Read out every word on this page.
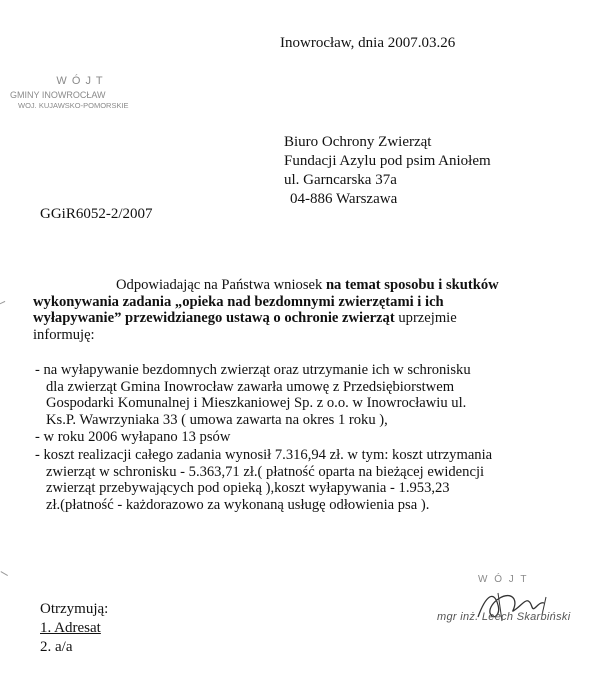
Inowrocław, dnia 2007.03.26
W Ó J T
GMINY INOWROCŁAW
WOJ. KUJAWSKO-POMORSKIE
Biuro Ochrony Zwierząt
Fundacji Azylu pod psim Aniołem
ul. Garncarska 37a
04-886 Warszawa
GGiR6052-2/2007
Odpowiadając na Państwa wniosek na temat sposobu i skutków
wykonywania zadania „opieka nad bezdomnymi zwierzętami i ich
wyłapywanie” przewidzianego ustawą o ochronie zwierząt uprzejmie
informuję:
- na wyłapywanie bezdomnych zwierząt oraz utrzymanie ich w schronisku
dla zwierząt Gmina Inowrocław zawarła umowę z Przedsiębiorstwem
Gospodarki Komunalnej i Mieszkaniowej Sp. z o.o. w Inowrocławiu ul.
Ks.P. Wawrzyniaka 33 ( umowa zawarta na okres 1 roku ),
- w roku 2006 wyłapano 13 psów
- koszt realizacji całego zadania wynosił 7.316,94 zł. w tym: koszt utrzymania
zwierząt w schronisku - 5.363,71 zł.( płatność oparta na bieżącej ewidencji
zwierząt przebywających pod opieką ),koszt wyłapywania - 1.953,23
zł.(płatność - każdorazowo za wykonaną usługę odłowienia psa ).
W Ó J T
mgr inż. Leech Skarbiński
Otrzymują:
1. Adresat
2. a/a
